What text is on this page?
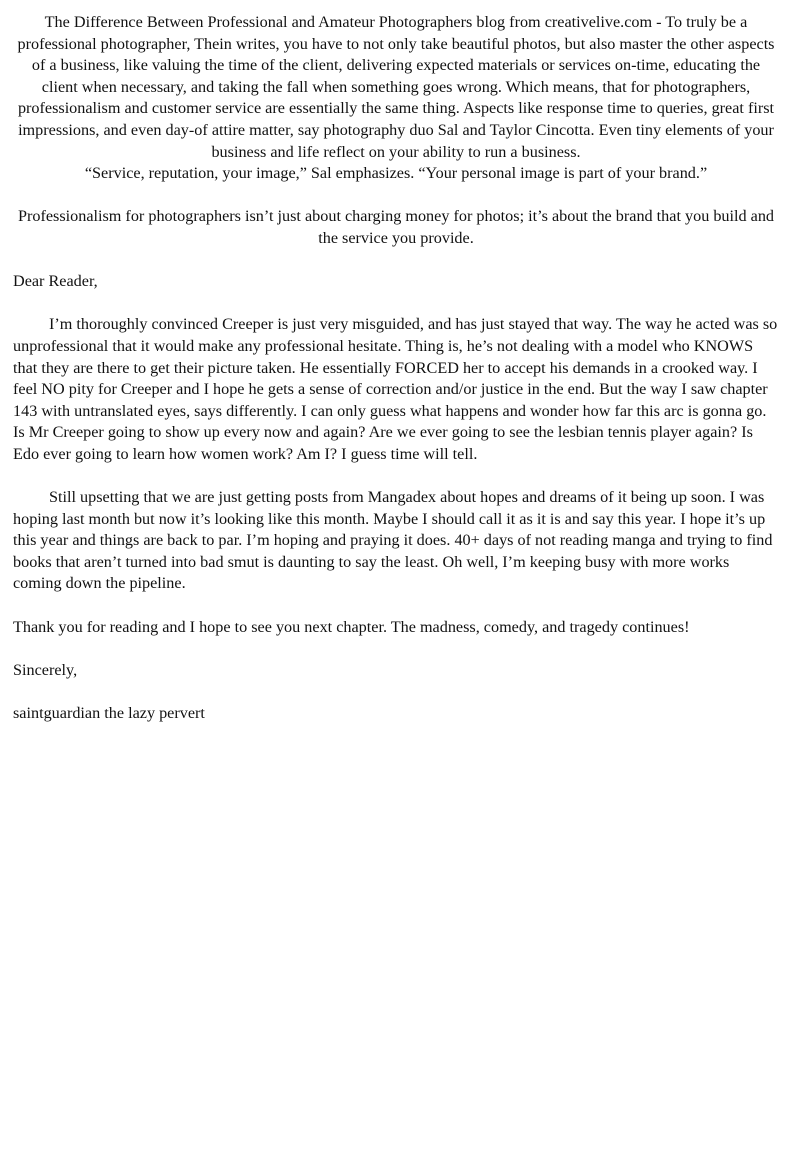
The Difference Between Professional and Amateur Photographers blog from creativelive.com - To truly be a professional photographer, Thein writes, you have to not only take beautiful photos, but also master the other aspects of a business, like valuing the time of the client, delivering expected materials or services on-time, educating the client when necessary, and taking the fall when something goes wrong. Which means, that for photographers, professionalism and customer service are essentially the same thing. Aspects like response time to queries, great first impressions, and even day-of attire matter, say photography duo Sal and Taylor Cincotta. Even tiny elements of your business and life reflect on your ability to run a business.

“Service, reputation, your image,” Sal emphasizes. “Your personal image is part of your brand.”

Professionalism for photographers isn’t just about charging money for photos; it’s about the brand that you build and the service you provide.

Dear Reader,

I’m thoroughly convinced Creeper is just very misguided, and has just stayed that way. The way he acted was so unprofessional that it would make any professional hesitate. Thing is, he’s not dealing with a model who KNOWS that they are there to get their picture taken. He essentially FORCED her to accept his demands in a crooked way. I feel NO pity for Creeper and I hope he gets a sense of correction and/or justice in the end. But the way I saw chapter 143 with untranslated eyes, says differently. I can only guess what happens and wonder how far this arc is gonna go. Is Mr Creeper going to show up every now and again? Are we ever going to see the lesbian tennis player again? Is Edo ever going to learn how women work? Am I? I guess time will tell.

Still upsetting that we are just getting posts from Mangadex about hopes and dreams of it being up soon. I was hoping last month but now it’s looking like this month. Maybe I should call it as it is and say this year. I hope it’s up this year and things are back to par. I’m hoping and praying it does. 40+ days of not reading manga and trying to find books that aren’t turned into bad smut is daunting to say the least. Oh well, I’m keeping busy with more works coming down the pipeline.

Thank you for reading and I hope to see you next chapter. The madness, comedy, and tragedy continues!

Sincerely,

saintguardian the lazy pervert
